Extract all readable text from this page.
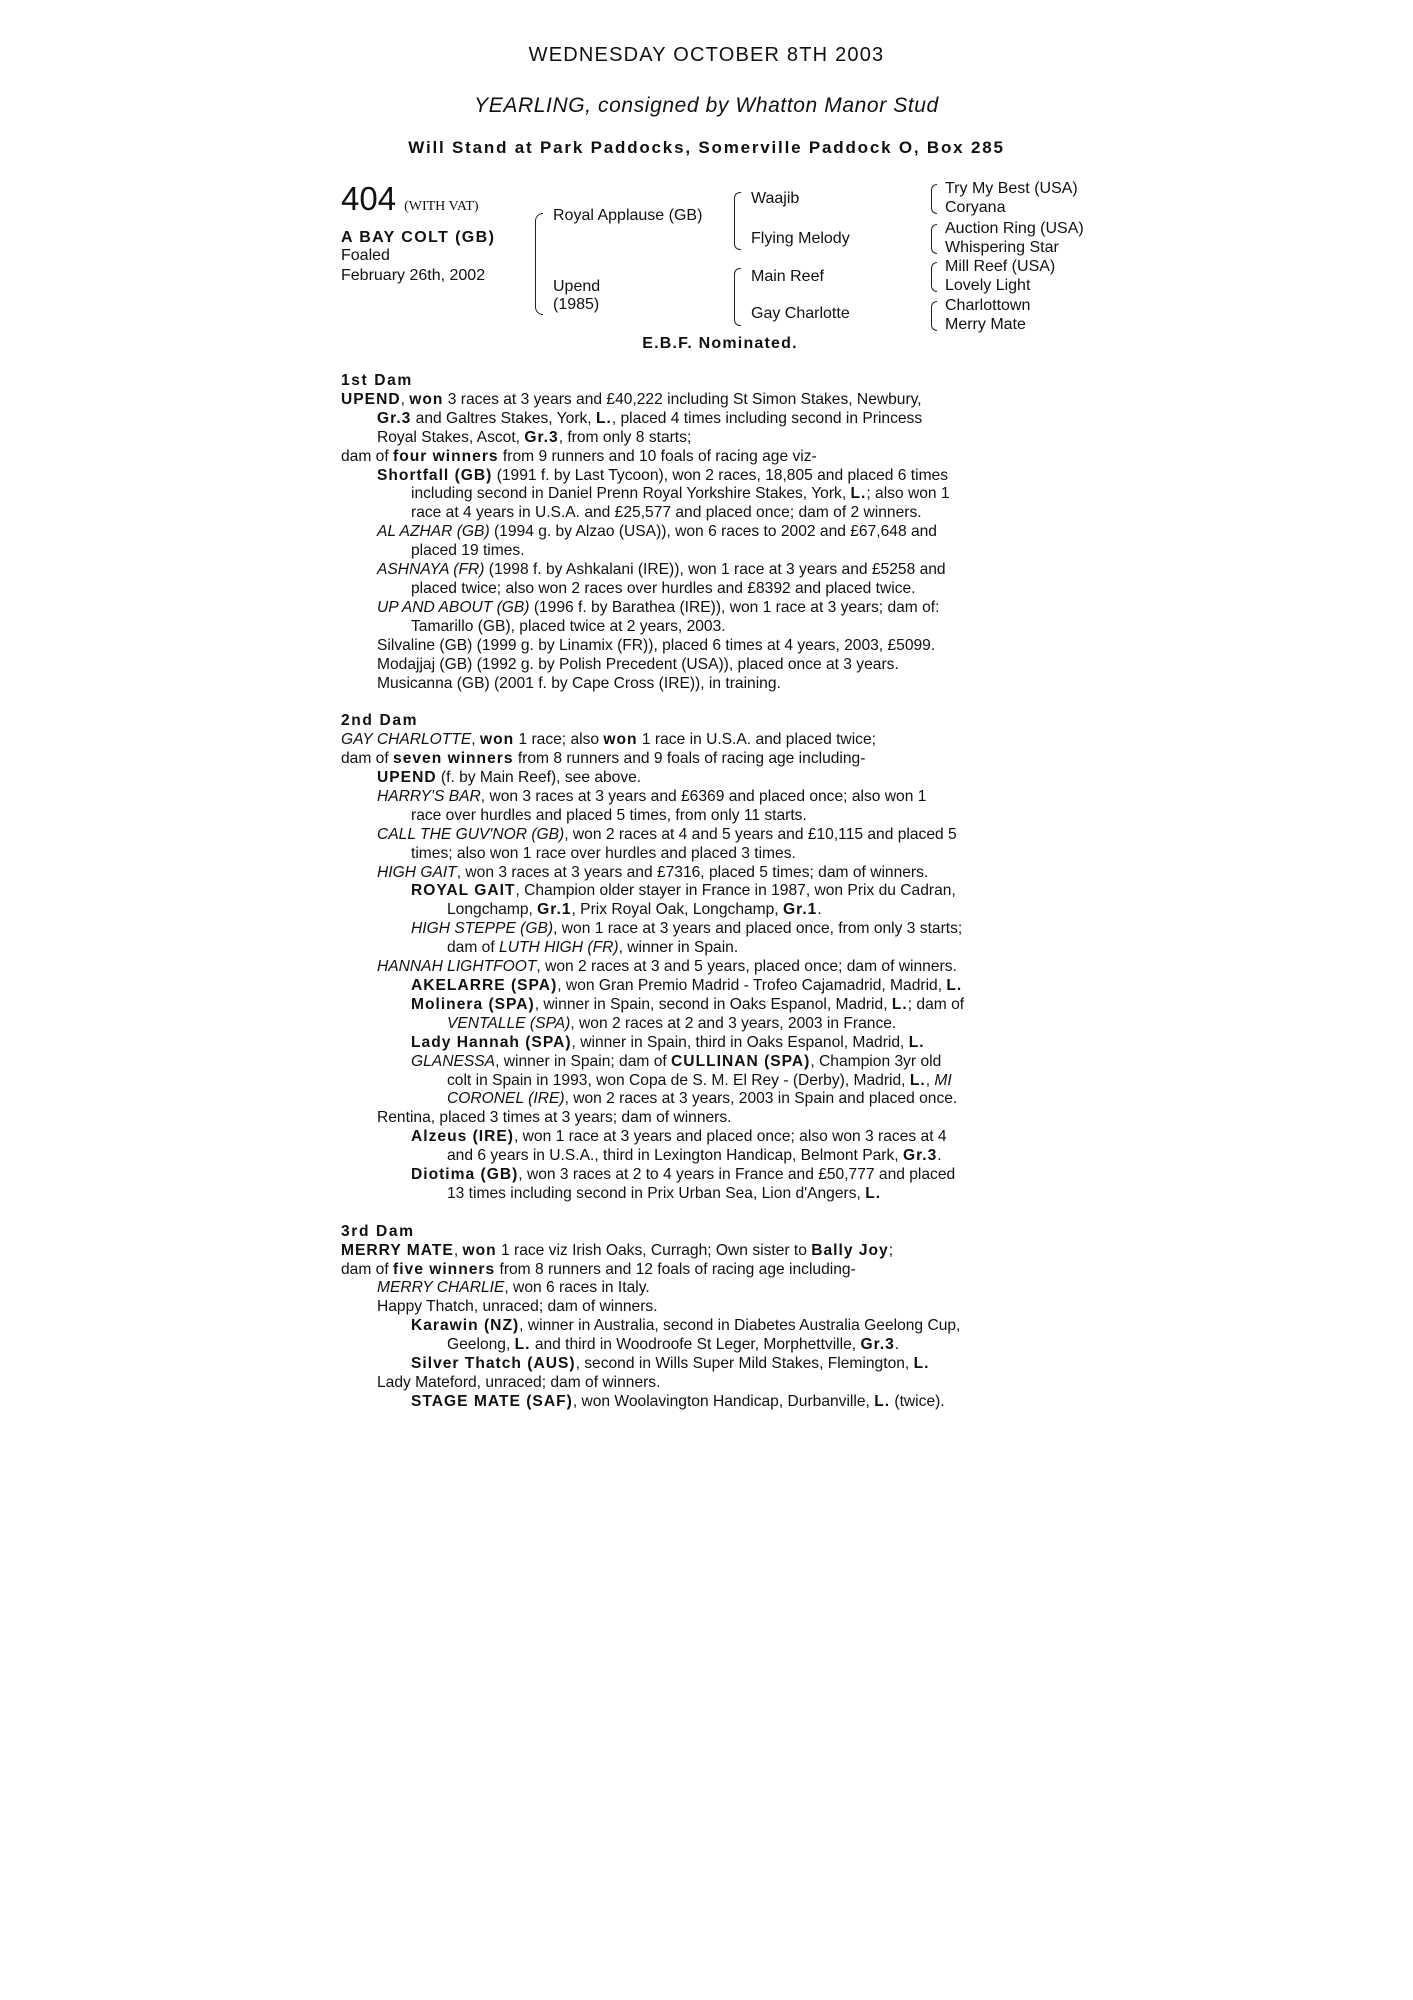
WEDNESDAY OCTOBER 8TH 2003
YEARLING, consigned by Whatton Manor Stud
Will Stand at Park Paddocks, Somerville Paddock O, Box 285
404 (WITH VAT)
A BAY COLT (GB)
Foaled
February 26th, 2002
Royal Applause (GB)
Upend
(1985)
Waajib
Flying Melody
Main Reef
Gay Charlotte
Try My Best (USA)
Coryana
Auction Ring (USA)
Whispering Star
Mill Reef (USA)
Lovely Light
Charlottown
Merry Mate
E.B.F. Nominated.
1st Dam
UPEND, won 3 races at 3 years and £40,222 including St Simon Stakes, Newbury,
Gr.3 and Galtres Stakes, York, L., placed 4 times including second in Princess
Royal Stakes, Ascot, Gr.3, from only 8 starts;
dam of four winners from 9 runners and 10 foals of racing age viz-
Shortfall (GB) (1991 f. by Last Tycoon), won 2 races, 18,805 and placed 6 times
including second in Daniel Prenn Royal Yorkshire Stakes, York, L.; also won 1
race at 4 years in U.S.A. and £25,577 and placed once; dam of 2 winners.
AL AZHAR (GB) (1994 g. by Alzao (USA)), won 6 races to 2002 and £67,648 and
placed 19 times.
ASHNAYA (FR) (1998 f. by Ashkalani (IRE)), won 1 race at 3 years and £5258 and
placed twice; also won 2 races over hurdles and £8392 and placed twice.
UP AND ABOUT (GB) (1996 f. by Barathea (IRE)), won 1 race at 3 years; dam of:
Tamarillo (GB), placed twice at 2 years, 2003.
Silvaline (GB) (1999 g. by Linamix (FR)), placed 6 times at 4 years, 2003, £5099.
Modajjaj (GB) (1992 g. by Polish Precedent (USA)), placed once at 3 years.
Musicanna (GB) (2001 f. by Cape Cross (IRE)), in training.
2nd Dam
GAY CHARLOTTE, won 1 race; also won 1 race in U.S.A. and placed twice;
dam of seven winners from 8 runners and 9 foals of racing age including-
UPEND (f. by Main Reef), see above.
HARRY'S BAR, won 3 races at 3 years and £6369 and placed once; also won 1
race over hurdles and placed 5 times, from only 11 starts.
CALL THE GUV'NOR (GB), won 2 races at 4 and 5 years and £10,115 and placed 5
times; also won 1 race over hurdles and placed 3 times.
HIGH GAIT, won 3 races at 3 years and £7316, placed 5 times; dam of winners.
ROYAL GAIT, Champion older stayer in France in 1987, won Prix du Cadran,
Longchamp, Gr.1, Prix Royal Oak, Longchamp, Gr.1.
HIGH STEPPE (GB), won 1 race at 3 years and placed once, from only 3 starts;
dam of LUTH HIGH (FR), winner in Spain.
HANNAH LIGHTFOOT, won 2 races at 3 and 5 years, placed once; dam of winners.
AKELARRE (SPA), won Gran Premio Madrid - Trofeo Cajamadrid, Madrid, L.
Molinera (SPA), winner in Spain, second in Oaks Espanol, Madrid, L.; dam of
VENTALLE (SPA), won 2 races at 2 and 3 years, 2003 in France.
Lady Hannah (SPA), winner in Spain, third in Oaks Espanol, Madrid, L.
GLANESSA, winner in Spain; dam of CULLINAN (SPA), Champion 3yr old
colt in Spain in 1993, won Copa de S. M. El Rey - (Derby), Madrid, L., MI
CORONEL (IRE), won 2 races at 3 years, 2003 in Spain and placed once.
Rentina, placed 3 times at 3 years; dam of winners.
Alzeus (IRE), won 1 race at 3 years and placed once; also won 3 races at 4
and 6 years in U.S.A., third in Lexington Handicap, Belmont Park, Gr.3.
Diotima (GB), won 3 races at 2 to 4 years in France and £50,777 and placed
13 times including second in Prix Urban Sea, Lion d'Angers, L.
3rd Dam
MERRY MATE, won 1 race viz Irish Oaks, Curragh; Own sister to Bally Joy;
dam of five winners from 8 runners and 12 foals of racing age including-
MERRY CHARLIE, won 6 races in Italy.
Happy Thatch, unraced; dam of winners.
Karawin (NZ), winner in Australia, second in Diabetes Australia Geelong Cup,
Geelong, L. and third in Woodroofe St Leger, Morphettville, Gr.3.
Silver Thatch (AUS), second in Wills Super Mild Stakes, Flemington, L.
Lady Mateford, unraced; dam of winners.
STAGE MATE (SAF), won Woolavington Handicap, Durbanville, L. (twice).
